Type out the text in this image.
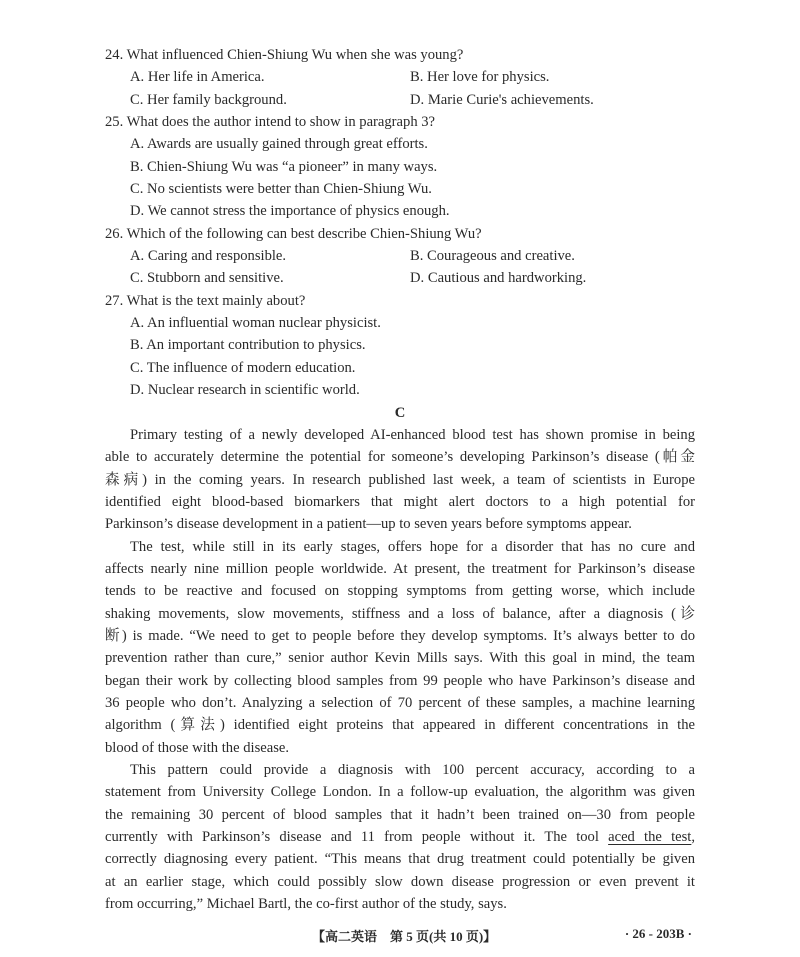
24. What influenced Chien-Shiung Wu when she was young?
A. Her life in America.	B. Her love for physics.
C. Her family background.	D. Marie Curie's achievements.
25. What does the author intend to show in paragraph 3?
A. Awards are usually gained through great efforts.
B. Chien-Shiung Wu was “a pioneer” in many ways.
C. No scientists were better than Chien-Shiung Wu.
D. We cannot stress the importance of physics enough.
26. Which of the following can best describe Chien-Shiung Wu?
A. Caring and responsible.	B. Courageous and creative.
C. Stubborn and sensitive.	D. Cautious and hardworking.
27. What is the text mainly about?
A. An influential woman nuclear physicist.
B. An important contribution to physics.
C. The influence of modern education.
D. Nuclear research in scientific world.
C
Primary testing of a newly developed AI-enhanced blood test has shown promise in being
able to accurately determine the potential for someone’s developing Parkinson’s disease (帕金
森病) in the coming years. In research published last week, a team of scientists in Europe
identified eight blood-based biomarkers that might alert doctors to a high potential for
Parkinson’s disease development in a patient—up to seven years before symptoms appear.
The test, while still in its early stages, offers hope for a disorder that has no cure and
affects nearly nine million people worldwide. At present, the treatment for Parkinson’s disease
tends to be reactive and focused on stopping symptoms from getting worse, which include
shaking movements, slow movements, stiffness and a loss of balance, after a diagnosis (诊
断) is made. “We need to get to people before they develop symptoms. It’s always better to do
prevention rather than cure,” senior author Kevin Mills says. With this goal in mind, the team
began their work by collecting blood samples from 99 people who have Parkinson’s disease and
36 people who don’t. Analyzing a selection of 70 percent of these samples, a machine learning
algorithm (算法) identified eight proteins that appeared in different concentrations in the
blood of those with the disease.
This pattern could provide a diagnosis with 100 percent accuracy, according to a
statement from University College London. In a follow-up evaluation, the algorithm was given
the remaining 30 percent of blood samples that it hadn’t been trained on—30 from people
currently with Parkinson’s disease and 11 from people without it. The tool aced the test,
correctly diagnosing every patient. “This means that drug treatment could potentially be given
at an earlier stage, which could possibly slow down disease progression or even prevent it
from occurring,” Michael Bartl, the co-first author of the study, says.
【高二英语　第 5 页(共 10 页)】	· 26 - 203B ·
